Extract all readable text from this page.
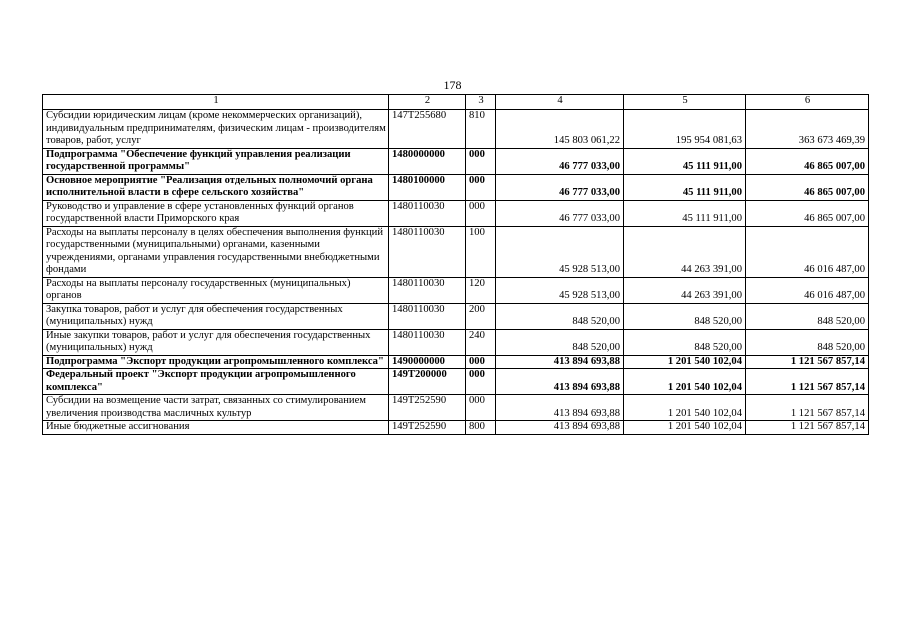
178
1	2	3	4	5	6
Субсидии юридическим лицам (кроме некоммерческих организаций), индивидуальным предпринимателям, физическим лицам - производителям товаров, работ, услуг	147Т255680	810	145 803 061,22	195 954 081,63	363 673 469,39
Подпрограмма "Обеспечение функций управления реализации государственной программы"	1480000000	000	46 777 033,00	45 111 911,00	46 865 007,00
Основное мероприятие "Реализация отдельных полномочий органа исполнительной власти в сфере сельского хозяйства"	1480100000	000	46 777 033,00	45 111 911,00	46 865 007,00
Руководство и управление в сфере установленных функций органов государственной власти Приморского края	1480110030	000	46 777 033,00	45 111 911,00	46 865 007,00
Расходы на выплаты персоналу в целях обеспечения выполнения функций государственными (муниципальными) органами, казенными учреждениями, органами управления государственными внебюджетными фондами	1480110030	100	45 928 513,00	44 263 391,00	46 016 487,00
Расходы на выплаты персоналу государственных (муниципальных) органов	1480110030	120	45 928 513,00	44 263 391,00	46 016 487,00
Закупка товаров, работ и услуг для обеспечения государственных (муниципальных) нужд	1480110030	200	848 520,00	848 520,00	848 520,00
Иные закупки товаров, работ и услуг для обеспечения государственных (муниципальных) нужд	1480110030	240	848 520,00	848 520,00	848 520,00
Подпрограмма "Экспорт продукции агропромышленного комплекса"	1490000000	000	413 894 693,88	1 201 540 102,04	1 121 567 857,14
Федеральный проект "Экспорт продукции агропромышленного комплекса"	149Т200000	000	413 894 693,88	1 201 540 102,04	1 121 567 857,14
Субсидии на возмещение части затрат, связанных со стимулированием увеличения производства масличных культур	149Т252590	000	413 894 693,88	1 201 540 102,04	1 121 567 857,14
Иные бюджетные ассигнования	149Т252590	800	413 894 693,88	1 201 540 102,04	1 121 567 857,14
